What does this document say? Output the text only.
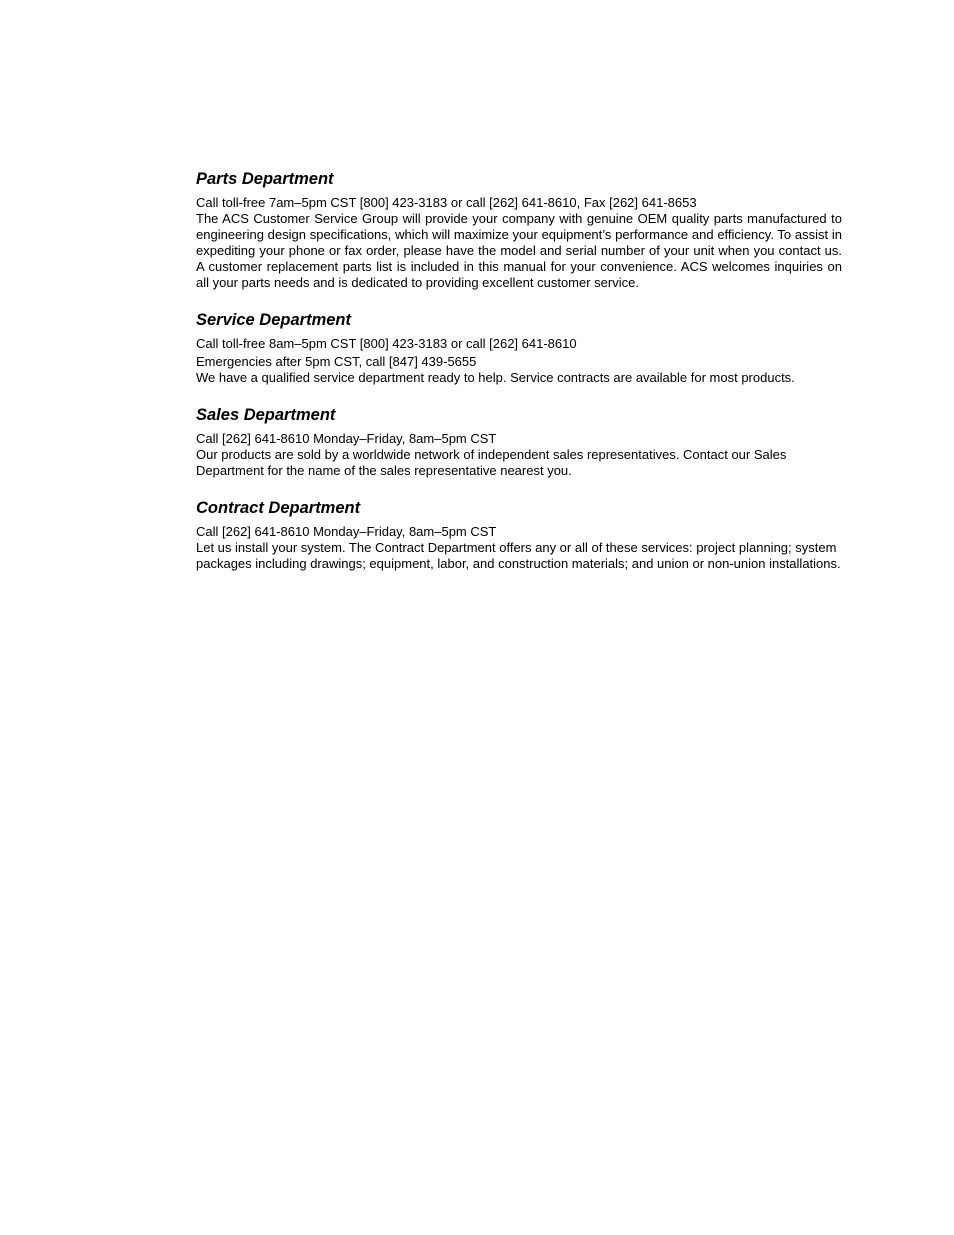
Parts Department

Call toll-free 7am–5pm CST [800] 423-3183 or call [262] 641-8610, Fax [262] 641-8653

The ACS Customer Service Group will provide your company with genuine OEM quality parts manufactured to engineering design specifications, which will maximize your equipment’s performance and efficiency. To assist in expediting your phone or fax order, please have the model and serial number of your unit when you contact us. A customer replacement parts list is included in this manual for your convenience. ACS welcomes inquiries on all your parts needs and is dedicated to providing excellent customer service.

Service Department

Call toll-free 8am–5pm CST [800] 423-3183 or call [262] 641-8610

Emergencies after 5pm CST, call [847] 439-5655

We have a qualified service department ready to help. Service contracts are available for most products.

Sales Department

Call [262] 641-8610 Monday–Friday, 8am–5pm CST

Our products are sold by a worldwide network of independent sales representatives. Contact our Sales Department for the name of the sales representative nearest you.

Contract Department

Call [262] 641-8610 Monday–Friday, 8am–5pm CST

Let us install your system. The Contract Department offers any or all of these services: project planning; system packages including drawings; equipment, labor, and construction materials; and union or non-union installations.
